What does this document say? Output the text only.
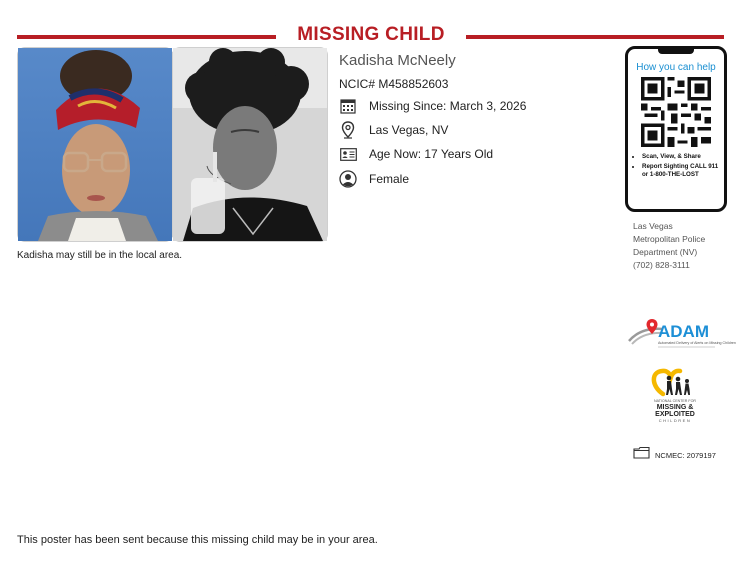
MISSING CHILD
Kadisha McNeely
NCIC# M458852603
Missing Since: March 3, 2026
Las Vegas, NV
Age Now: 17 Years Old
Female
Kadisha may still be in the local area.
How you can help
• Scan, View, & Share
• Report Sighting CALL 911 or 1-800-THE-LOST
Las Vegas
Metropolitan Police
Department (NV)
(702) 828-3111
ADAM
Automated Delivery of Alerts on Missing Children
NATIONAL CENTER FOR
MISSING &
EXPLOITED
CHILDREN
NCMEC: 2079197
This poster has been sent because this missing child may be in your area.
